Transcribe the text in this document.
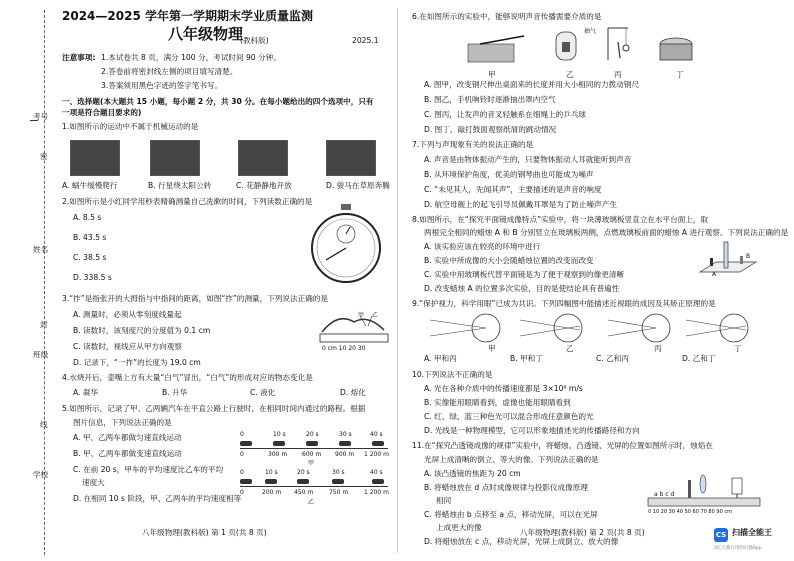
考号
密
姓名
封
班级
线
学校
2024—2025 学年第一学期期末学业质量监测
八年级物理
(教科版)	2025.1
注意事项: 1.本试卷共 8 页，满分 100 分，考试时间 90 分钟。
2.答卷前将密封线左侧的项目填写清楚。
3.答案须用黑色字迹的签字笔书写。
一、选择题(本大题共 15 小题，每小题 2 分，共 30 分。在每小题给出的四个选项中，只有
一项是符合题目要求的)
1.如图所示的运动中不属于机械运动的是
A. 蜗牛缓慢爬行	B. 行星绕太阳公转	C. 花静静地开放	D. 骏马在草原奔腾
2.如图所示是小红同学用秒表精确测量自己洗漱的时间，下列读数正确的是
A. 8.5 s
B. 43.5 s
C. 38.5 s
D. 338.5 s
3.“拃”是指张开的大拇指与中指间的距离，如图“拃”的测量，下列说法正确的是
A. 测量时，必须从零刻度线量起
B. 读数时，该刻度尺的分度值为 0.1 cm
C. 读数时，视线应从甲方向观察
D. 记录下，“一拃”的长度为 19.0 cm
甲 乙
0 cm 10 20 30
4.水烧开后，壶嘴上方有大量“白气”冒出，“白气”的形成对应的物态变化是
A. 凝华	B. 升华	C. 液化	D. 熔化
5.如图所示，记录了甲、乙两辆汽车在平直公路上行驶时，在相同时间内通过的路程。根据
图片信息，下列说法正确的是
A. 甲、乙两车都做匀速直线运动
B. 甲、乙两车都做变速直线运动
C. 在前 20 s，甲车的平均速度比乙车的平均
速度大
D. 在相同 10 s 阶段，甲、乙两车的平均速度相等
0	10 s	20 s	30 s	40 s
0	300 m 600 m 900 m 1 200 m
甲
0	10 s	20 s	30 s	40 s
0	200 m 450 m	750 m	1 200 m
乙
八年级物理(教科版) 第 1 页(共 8 页)
6.在如图所示的实验中，能够说明声音传播需要介质的是
抽气
甲	乙	丙	丁
A. 图甲，改变钢尺伸出桌面来的长度并用大小相同的力拨动钢尺
B. 图乙，手机响铃时逐渐抽出罩内空气
C. 图丙，让发声的音叉轻触系在细绳上的乒乓球
D. 图丁，敲打鼓面观察纸屑的跳动情况
7.下列与声现象有关的说法正确的是
A. 声音是由物体振动产生的，只要物体振动人耳就能听到声音
B. 从环境保护角度，优美的钢琴曲也可能成为噪声
C. “未见其人，先闻其声”，主要描述的是声音的响度
D. 航空母舰上的起飞引导员佩戴耳罩是为了防止噪声产生
8.如图所示，在“探究平面镜成像特点”实验中，将一块薄玻璃板竖直立在水平台面上，取
两根完全相同的蜡烛 A 和 B 分别竖立在玻璃板两侧，点燃玻璃板前面的蜡烛 A 进行观察。下列说法正确的是
A. 该实验应该在较亮的环境中进行
B. 实验中所成像的大小会随蜡烛位置的改变而改变
C. 实验中用玻璃板代替平面镜是为了便于观察到的像更清晰
D. 改变蜡烛 A 的位置多次实验，目的是使结论具有普遍性
A
B
9.“保护视力，科学用眼”已成为共识。下列四幅图中能描述近视眼的成因及其矫正原理的是
甲	乙	丙	丁
A. 甲和丙	B. 甲和丁	C. 乙和丙	D. 乙和丁
10.下列说法不正确的是
A. 光在各种介质中的传播速度都是 3×10⁸ m/s
B. 实像能用眼睛看到，虚像也能用眼睛看到
C. 红、绿、蓝三种色光可以混合形成任意颜色的光
D. 光线是一种物理模型，它可以形象地描述光的传播路径和方向
11.在“探究凸透镜成像的规律”实验中，将蜡烛、凸透镜、光屏的位置如图所示时，烛焰在
光屏上成清晰的倒立、等大的像。下列说法正确的是
A. 该凸透镜的焦距为 20 cm
B. 将蜡烛放在 d 点时成像规律与投影仪成像原理
相同
C. 将蜡烛由 b 点移至 a 点，移动光屏，可以在光屏
上成更大的像
D. 将蜡烛放在 c 点，移动光屏，光屏上成倒立、放大的像
a b c d
0 10 20 30 40 50 60 70 80 90 cm
八年级物理(教科版) 第 2 页(共 8 页)	CS 扫描全能王
3亿人都在用的扫描App
